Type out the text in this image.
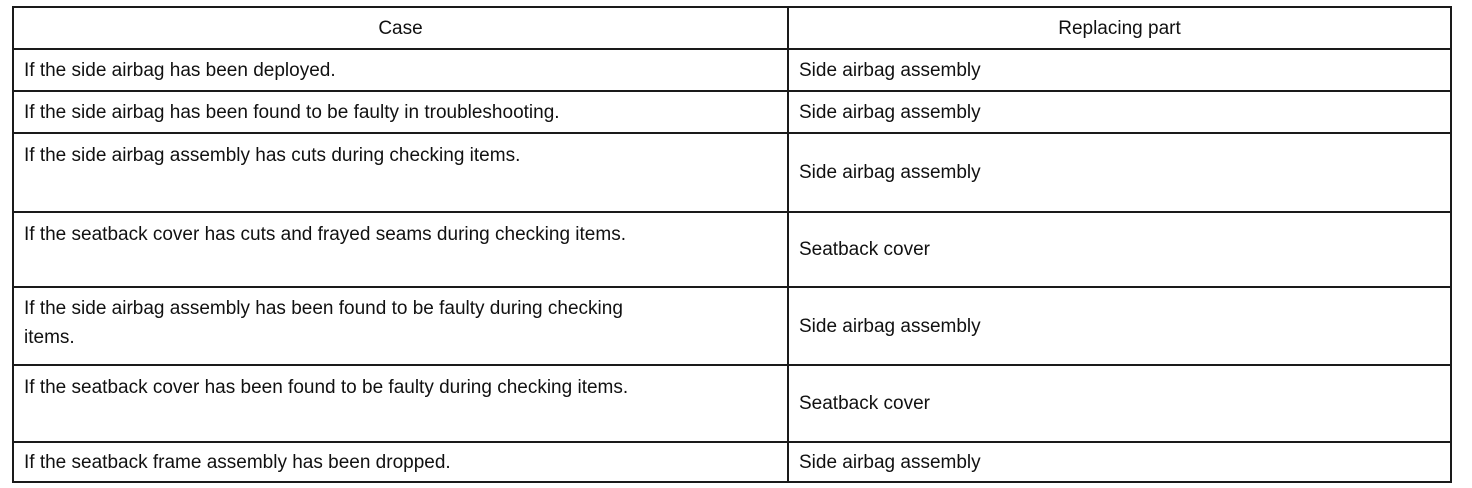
Case	Replacing part
If the side airbag has been deployed.	Side airbag assembly
If the side airbag has been found to be faulty in troubleshooting.	Side airbag assembly
If the side airbag assembly has cuts during checking items.	Side airbag assembly
If the seatback cover has cuts and frayed seams during checking items.	Seatback cover
If the side airbag assembly has been found to be faulty during checking
items.	Side airbag assembly
If the seatback cover has been found to be faulty during checking items.	Seatback cover
If the seatback frame assembly has been dropped.	Side airbag assembly
